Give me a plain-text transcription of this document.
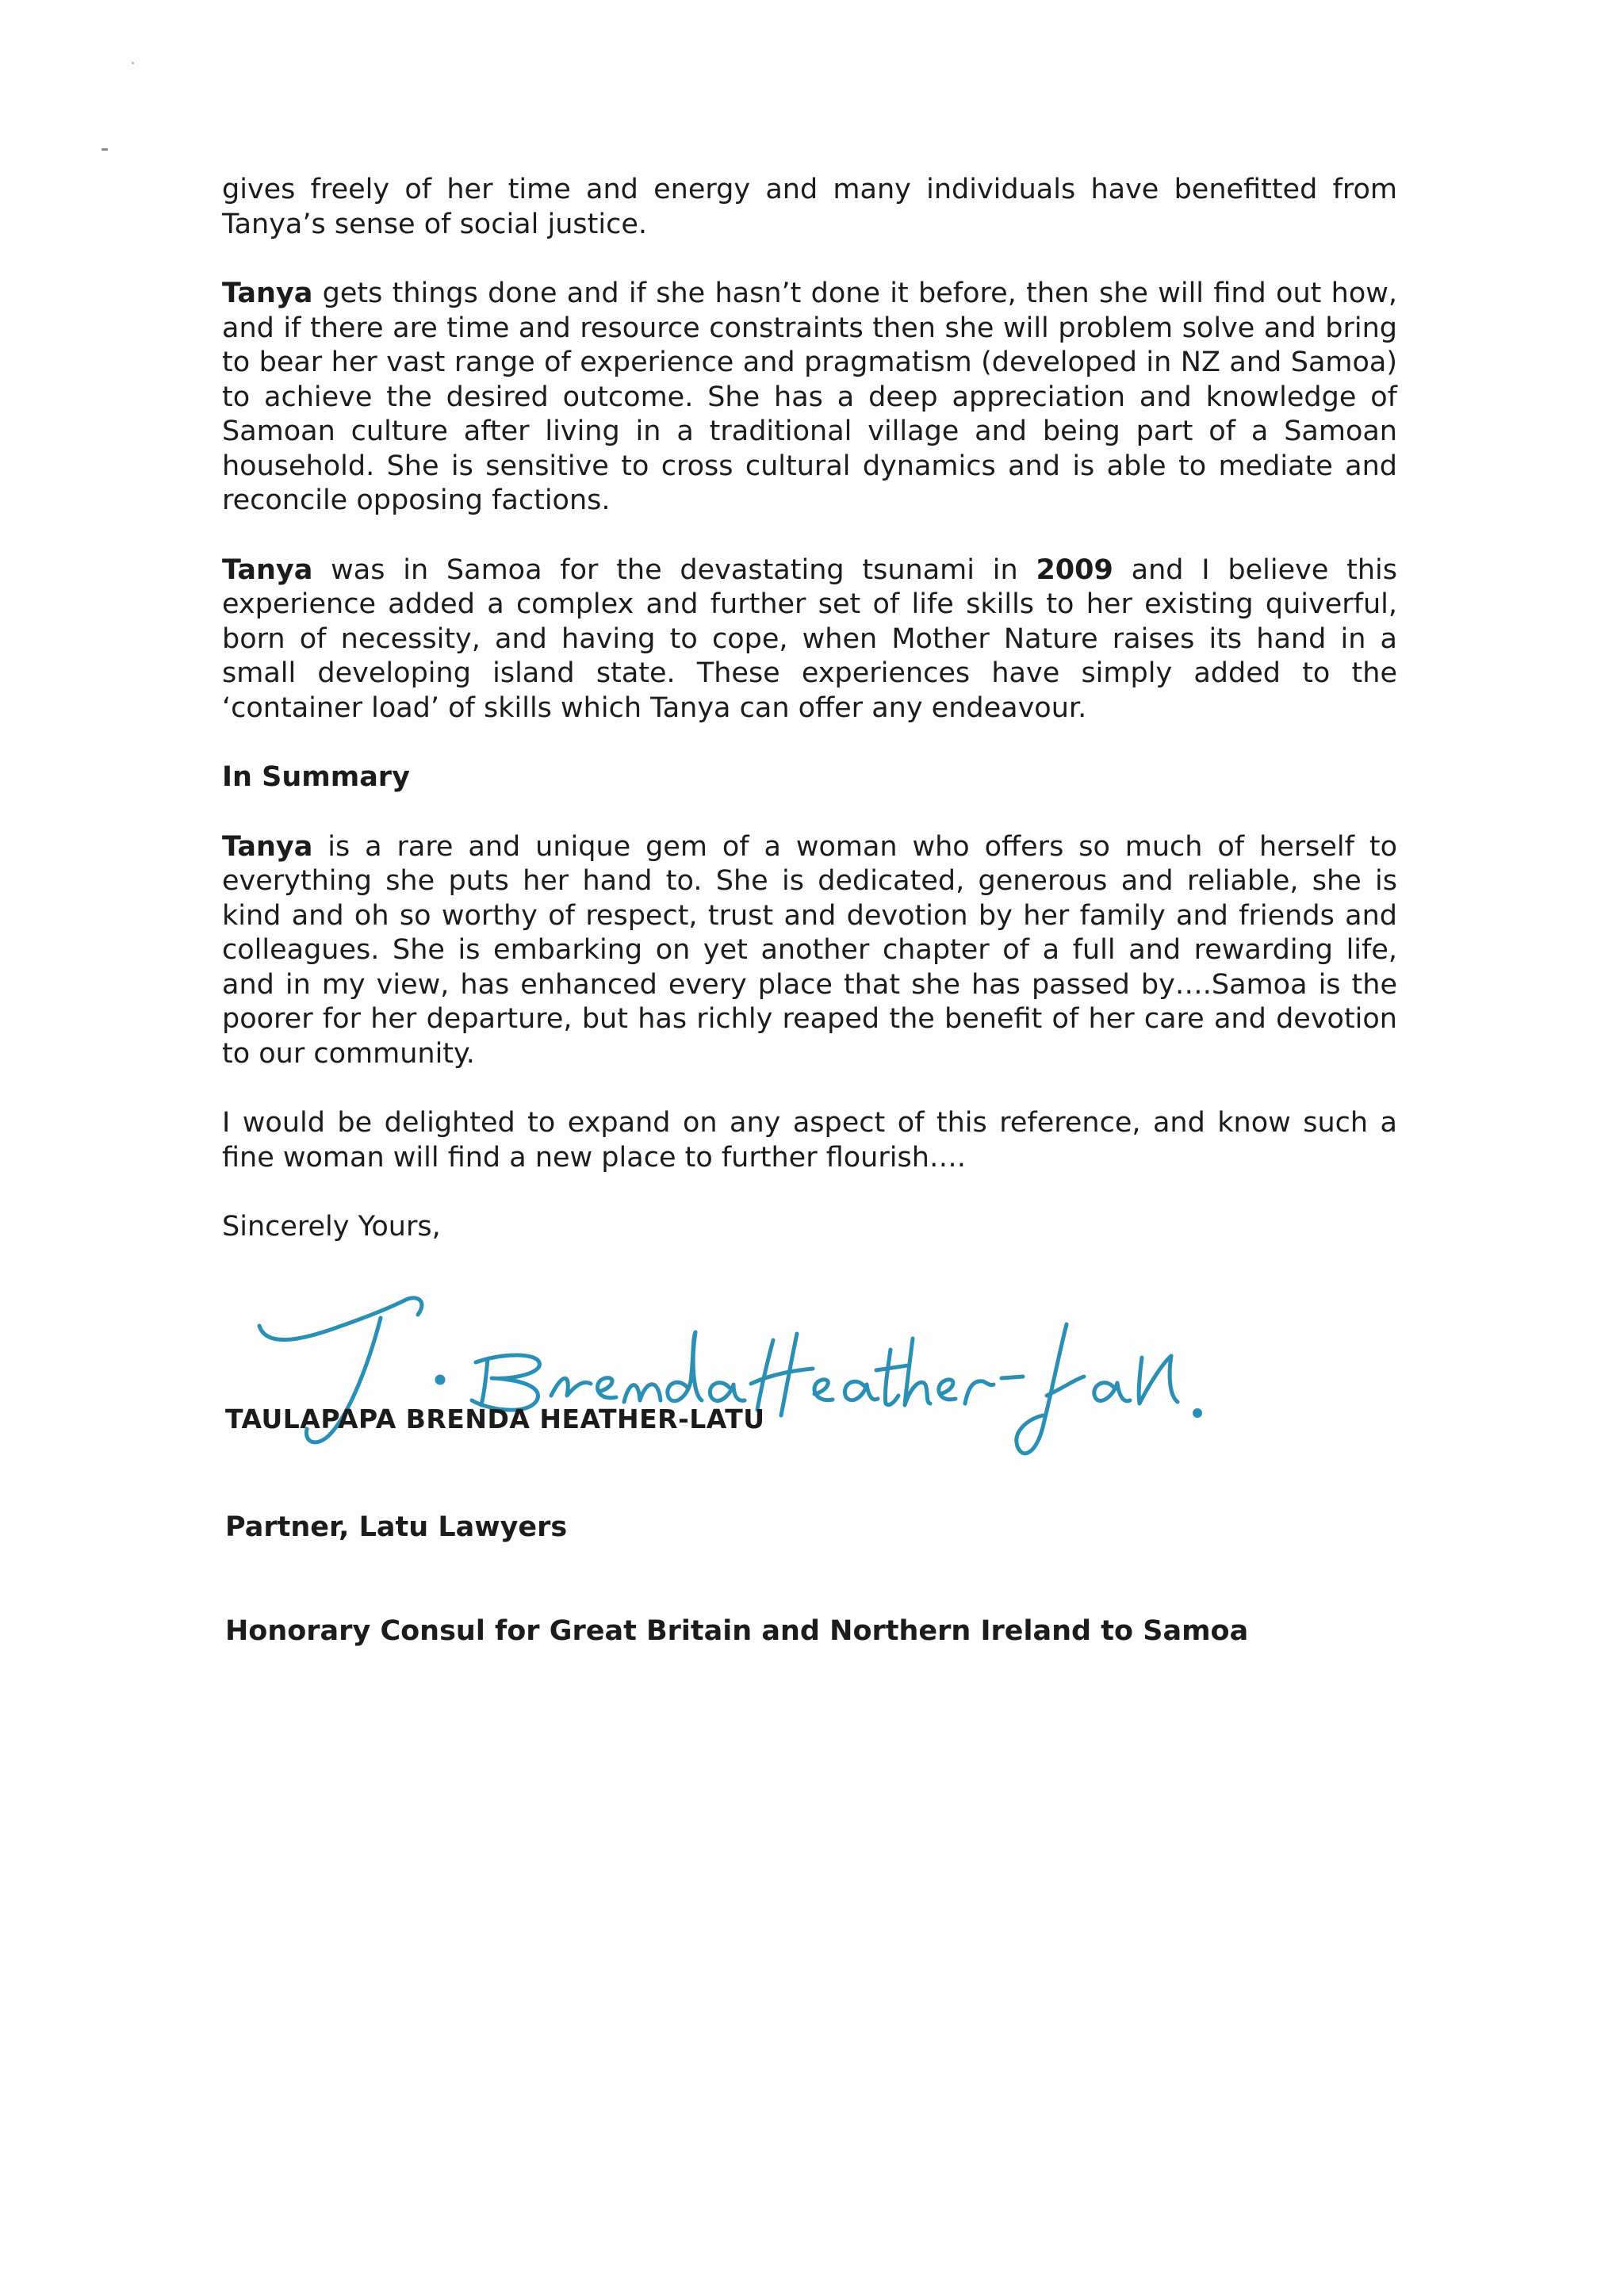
gives freely of her time and energy and many individuals have benefitted from Tanya’s sense of social justice.

Tanya gets things done and if she hasn’t done it before, then she will find out how, and if there are time and resource constraints then she will problem solve and bring to bear her vast range of experience and pragmatism (developed in NZ and Samoa) to achieve the desired outcome. She has a deep appreciation and knowledge of Samoan culture after living in a traditional village and being part of a Samoan household. She is sensitive to cross cultural dynamics and is able to mediate and reconcile opposing factions.

Tanya was in Samoa for the devastating tsunami in 2009 and I believe this experience added a complex and further set of life skills to her existing quiverful, born of necessity, and having to cope, when Mother Nature raises its hand in a small developing island state. These experiences have simply added to the ‘container load’ of skills which Tanya can offer any endeavour.

In Summary

Tanya is a rare and unique gem of a woman who offers so much of herself to everything she puts her hand to. She is dedicated, generous and reliable, she is kind and oh so worthy of respect, trust and devotion by her family and friends and colleagues. She is embarking on yet another chapter of a full and rewarding life, and in my view, has enhanced every place that she has passed by….Samoa is the poorer for her departure, but has richly reaped the benefit of her care and devotion to our community.

I would be delighted to expand on any aspect of this reference, and know such a fine woman will find a new place to further flourish….

Sincerely Yours,

TAULAPAPA BRENDA HEATHER-LATU
Partner, Latu Lawyers
Honorary Consul for Great Britain and Northern Ireland to Samoa
